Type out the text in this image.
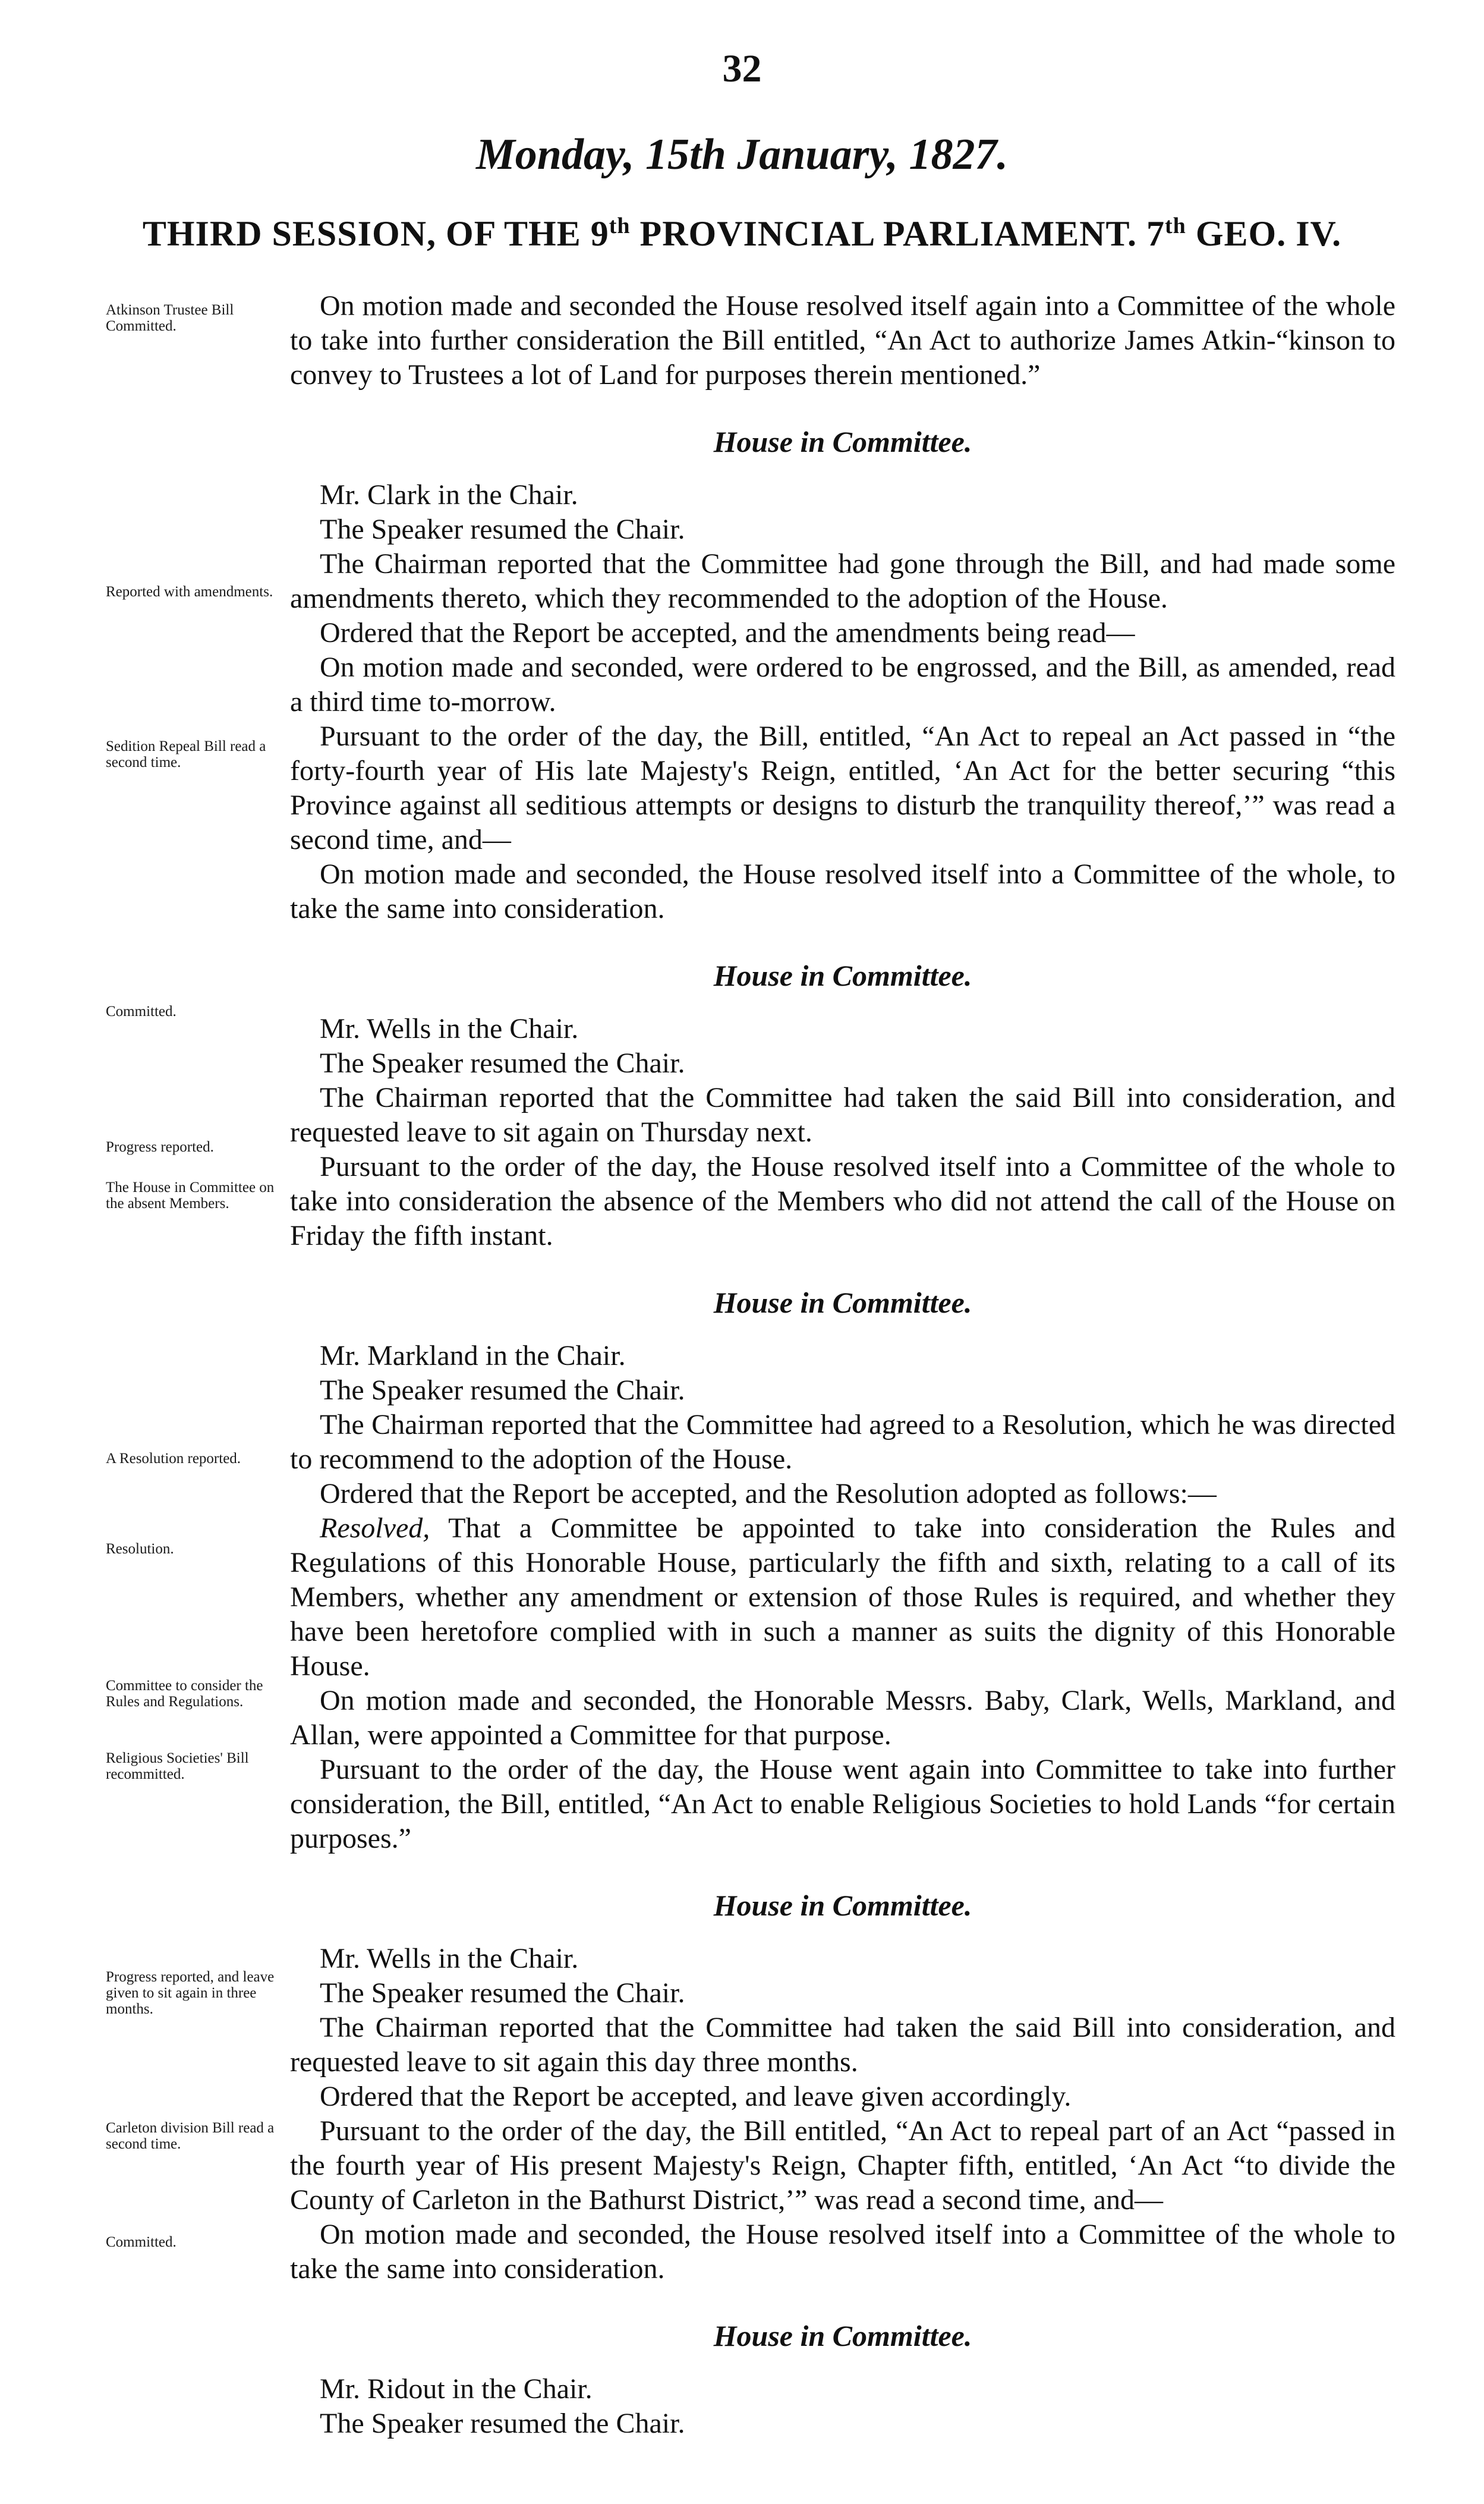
32
Monday, 15th January, 1827.
THIRD SESSION, OF THE 9th PROVINCIAL PARLIAMENT. 7th GEO. IV.
Atkinson Trustee Bill Committed.
Reported with amendments.
Sedition Repeal Bill read a second time.
Committed.
Progress reported.
The House in Committee on the absent Members.
A Resolution reported.
Resolution.
Committee to consider the Rules and Regulations.
Religious Societies' Bill recommitted.
Progress reported, and leave given to sit again in three months.
Carleton division Bill read a second time.
Committed.

On motion made and seconded the House resolved itself again into a Committee of the whole to take into further consideration the Bill entitled, “An Act to authorize James Atkin-“kinson to convey to Trustees a lot of Land for purposes therein mentioned.”

House in Committee.

Mr. Clark in the Chair.

The Speaker resumed the Chair.

The Chairman reported that the Committee had gone through the Bill, and had made some amendments thereto, which they recommended to the adoption of the House.

Ordered that the Report be accepted, and the amendments being read—

On motion made and seconded, were ordered to be engrossed, and the Bill, as amended, read a third time to-morrow.

Pursuant to the order of the day, the Bill, entitled, “An Act to repeal an Act passed in “the forty-fourth year of His late Majesty's Reign, entitled, ‘An Act for the better securing “this Province against all seditious attempts or designs to disturb the tranquility thereof,’” was read a second time, and—

On motion made and seconded, the House resolved itself into a Committee of the whole, to take the same into consideration.

House in Committee.

Mr. Wells in the Chair.

The Speaker resumed the Chair.

The Chairman reported that the Committee had taken the said Bill into consideration, and requested leave to sit again on Thursday next.

Pursuant to the order of the day, the House resolved itself into a Committee of the whole to take into consideration the absence of the Members who did not attend the call of the House on Friday the fifth instant.

House in Committee.

Mr. Markland in the Chair.

The Speaker resumed the Chair.

The Chairman reported that the Committee had agreed to a Resolution, which he was directed to recommend to the adoption of the House.

Ordered that the Report be accepted, and the Resolution adopted as follows:—

Resolved, That a Committee be appointed to take into consideration the Rules and Regulations of this Honorable House, particularly the fifth and sixth, relating to a call of its Members, whether any amendment or extension of those Rules is required, and whether they have been heretofore complied with in such a manner as suits the dignity of this Honorable House.

On motion made and seconded, the Honorable Messrs. Baby, Clark, Wells, Markland, and Allan, were appointed a Committee for that purpose.

Pursuant to the order of the day, the House went again into Committee to take into further consideration, the Bill, entitled, “An Act to enable Religious Societies to hold Lands “for certain purposes.”

House in Committee.

Mr. Wells in the Chair.

The Speaker resumed the Chair.

The Chairman reported that the Committee had taken the said Bill into consideration, and requested leave to sit again this day three months.

Ordered that the Report be accepted, and leave given accordingly.

Pursuant to the order of the day, the Bill entitled, “An Act to repeal part of an Act “passed in the fourth year of His present Majesty's Reign, Chapter fifth, entitled, ‘An Act “to divide the County of Carleton in the Bathurst District,’” was read a second time, and—

On motion made and seconded, the House resolved itself into a Committee of the whole to take the same into consideration.

House in Committee.

Mr. Ridout in the Chair.

The Speaker resumed the Chair.
